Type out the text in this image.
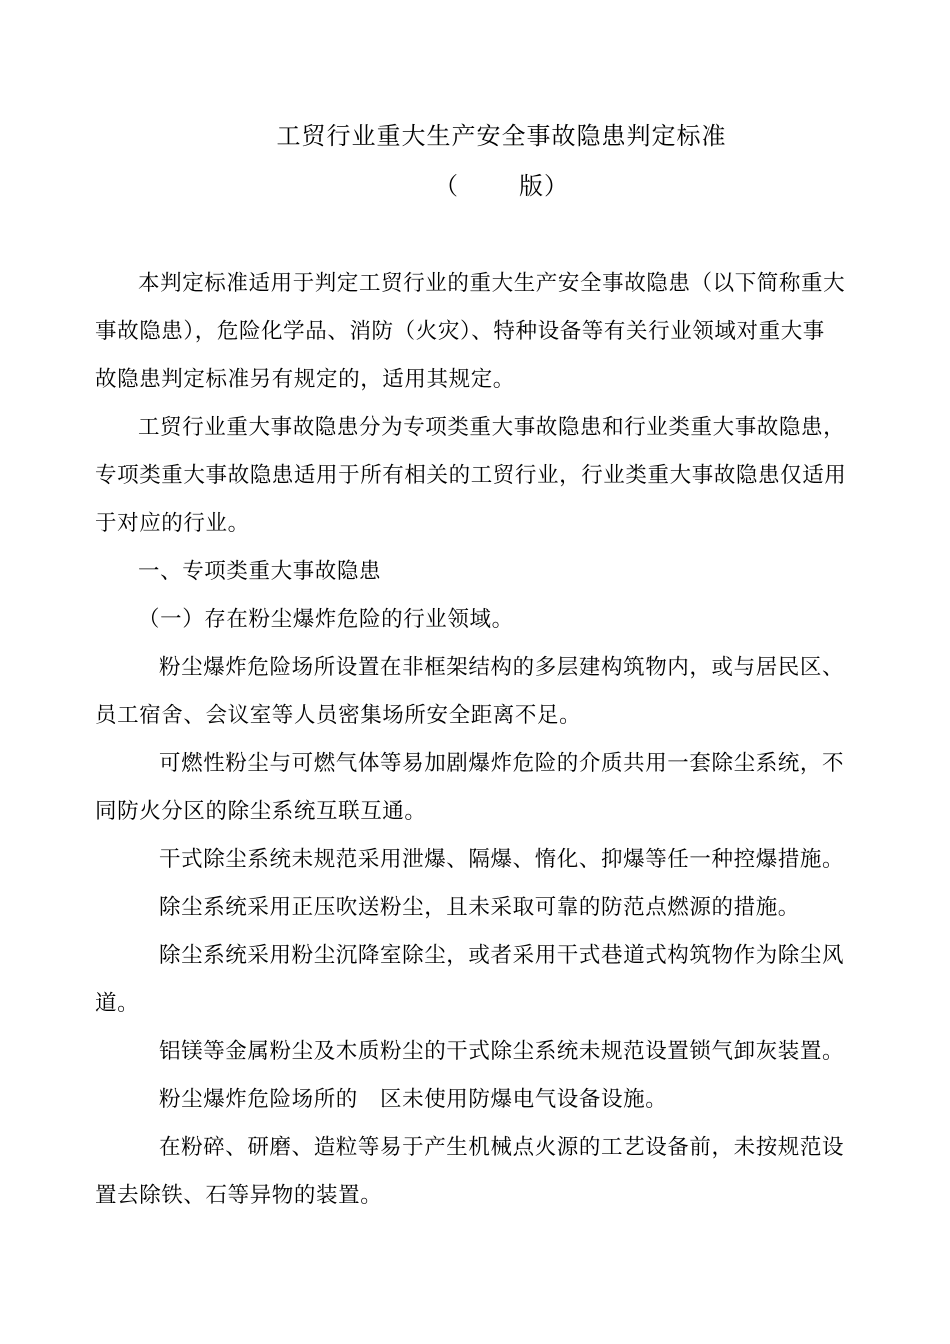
工贸行业重大生产安全事故隐患判定标准
（	版）
本判定标准适用于判定工贸行业的重大生产安全事故隐患（以下简称重大
事故隐患），危险化学品、消防（火灾）、特种设备等有关行业领域对重大事
故隐患判定标准另有规定的，适用其规定。
工贸行业重大事故隐患分为专项类重大事故隐患和行业类重大事故隐患，
专项类重大事故隐患适用于所有相关的工贸行业，行业类重大事故隐患仅适用
于对应的行业。
一、专项类重大事故隐患
（一）存在粉尘爆炸危险的行业领域。
粉尘爆炸危险场所设置在非框架结构的多层建构筑物内，或与居民区、
员工宿舍、会议室等人员密集场所安全距离不足。
可燃性粉尘与可燃气体等易加剧爆炸危险的介质共用一套除尘系统，不
同防火分区的除尘系统互联互通。
干式除尘系统未规范采用泄爆、隔爆、惰化、抑爆等任一种控爆措施。
除尘系统采用正压吹送粉尘，且未采取可靠的防范点燃源的措施。
除尘系统采用粉尘沉降室除尘，或者采用干式巷道式构筑物作为除尘风
道。
铝镁等金属粉尘及木质粉尘的干式除尘系统未规范设置锁气卸灰装置。
粉尘爆炸危险场所的　区未使用防爆电气设备设施。
在粉碎、研磨、造粒等易于产生机械点火源的工艺设备前，未按规范设
置去除铁、石等异物的装置。
